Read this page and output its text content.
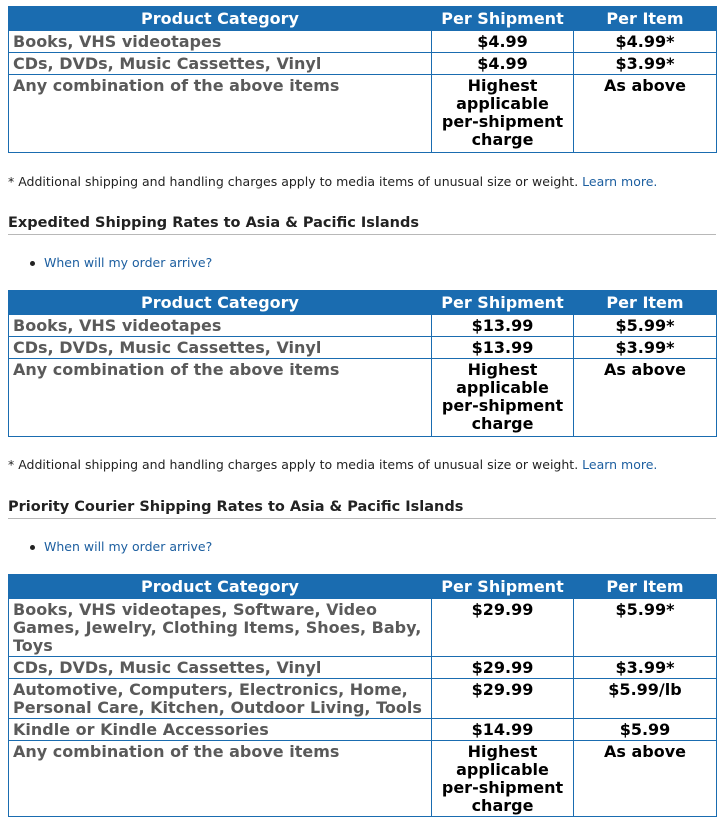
Product Category	Per Shipment	Per Item
Books, VHS videotapes	$4.99	$4.99*
CDs, DVDs, Music Cassettes, Vinyl	$4.99	$3.99*
Any combination of the above items	Highest applicable per-shipment charge	As above
* Additional shipping and handling charges apply to media items of unusual size or weight. Learn more.
Expedited Shipping Rates to Asia & Pacific Islands
When will my order arrive?
Product Category	Per Shipment	Per Item
Books, VHS videotapes	$13.99	$5.99*
CDs, DVDs, Music Cassettes, Vinyl	$13.99	$3.99*
Any combination of the above items	Highest applicable per-shipment charge	As above
* Additional shipping and handling charges apply to media items of unusual size or weight. Learn more.
Priority Courier Shipping Rates to Asia & Pacific Islands
When will my order arrive?
Product Category	Per Shipment	Per Item
Books, VHS videotapes, Software, Video Games, Jewelry, Clothing Items, Shoes, Baby, Toys	$29.99	$5.99*
CDs, DVDs, Music Cassettes, Vinyl	$29.99	$3.99*
Automotive, Computers, Electronics, Home, Personal Care, Kitchen, Outdoor Living, Tools	$29.99	$5.99/lb
Kindle or Kindle Accessories	$14.99	$5.99
Any combination of the above items	Highest applicable per-shipment charge	As above
